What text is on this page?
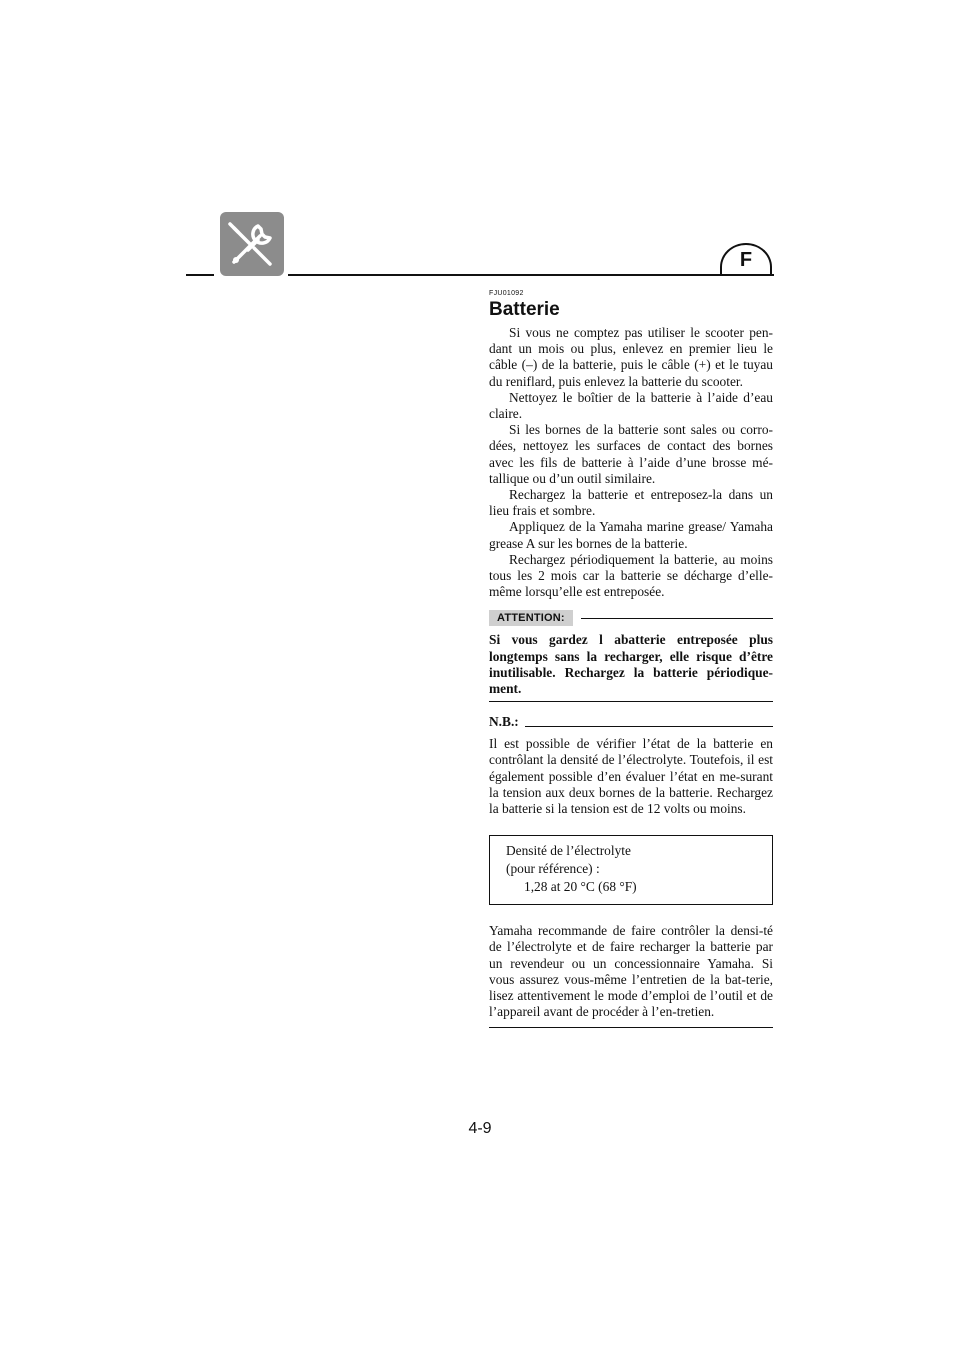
F
FJU01092
Batterie

Si vous ne comptez pas utiliser le scooter pen-dant un mois ou plus, enlevez en premier lieu le câble (–) de la batterie, puis le câble (+) et le tuyau du reniflard, puis enlevez la batterie du scooter.

Nettoyez le boîtier de la batterie à l’aide d’eau claire.

Si les bornes de la batterie sont sales ou corro-dées, nettoyez les surfaces de contact des bornes avec les fils de batterie à l’aide d’une brosse mé-tallique ou d’un outil similaire.

Rechargez la batterie et entreposez-la dans un lieu frais et sombre.

Appliquez de la Yamaha marine grease/ Yamaha grease A sur les bornes de la batterie.

Rechargez périodiquement la batterie, au moins tous les 2 mois car la batterie se décharge d’elle-même lorsqu’elle est entreposée.

ATTENTION:
Si vous gardez l abatterie entreposée plus longtemps sans la recharger, elle risque d’être inutilisable. Rechargez la batterie périodique-ment.
N.B.:

Il est possible de vérifier l’état de la batterie en contrôlant la densité de l’électrolyte. Toutefois, il est également possible d’en évaluer l’état en me-surant la tension aux deux bornes de la batterie. Rechargez la batterie si la tension est de 12 volts ou moins.

Densité de l’électrolyte
(pour référence) :
1,28 at 20 °C (68 °F)

Yamaha recommande de faire contrôler la densi-té de l’électrolyte et de faire recharger la batterie par un revendeur ou un concessionnaire Yamaha. Si vous assurez vous-même l’entretien de la bat-terie, lisez attentivement le mode d’emploi de l’outil et de l’appareil avant de procéder à l’en-tretien.

4-9
